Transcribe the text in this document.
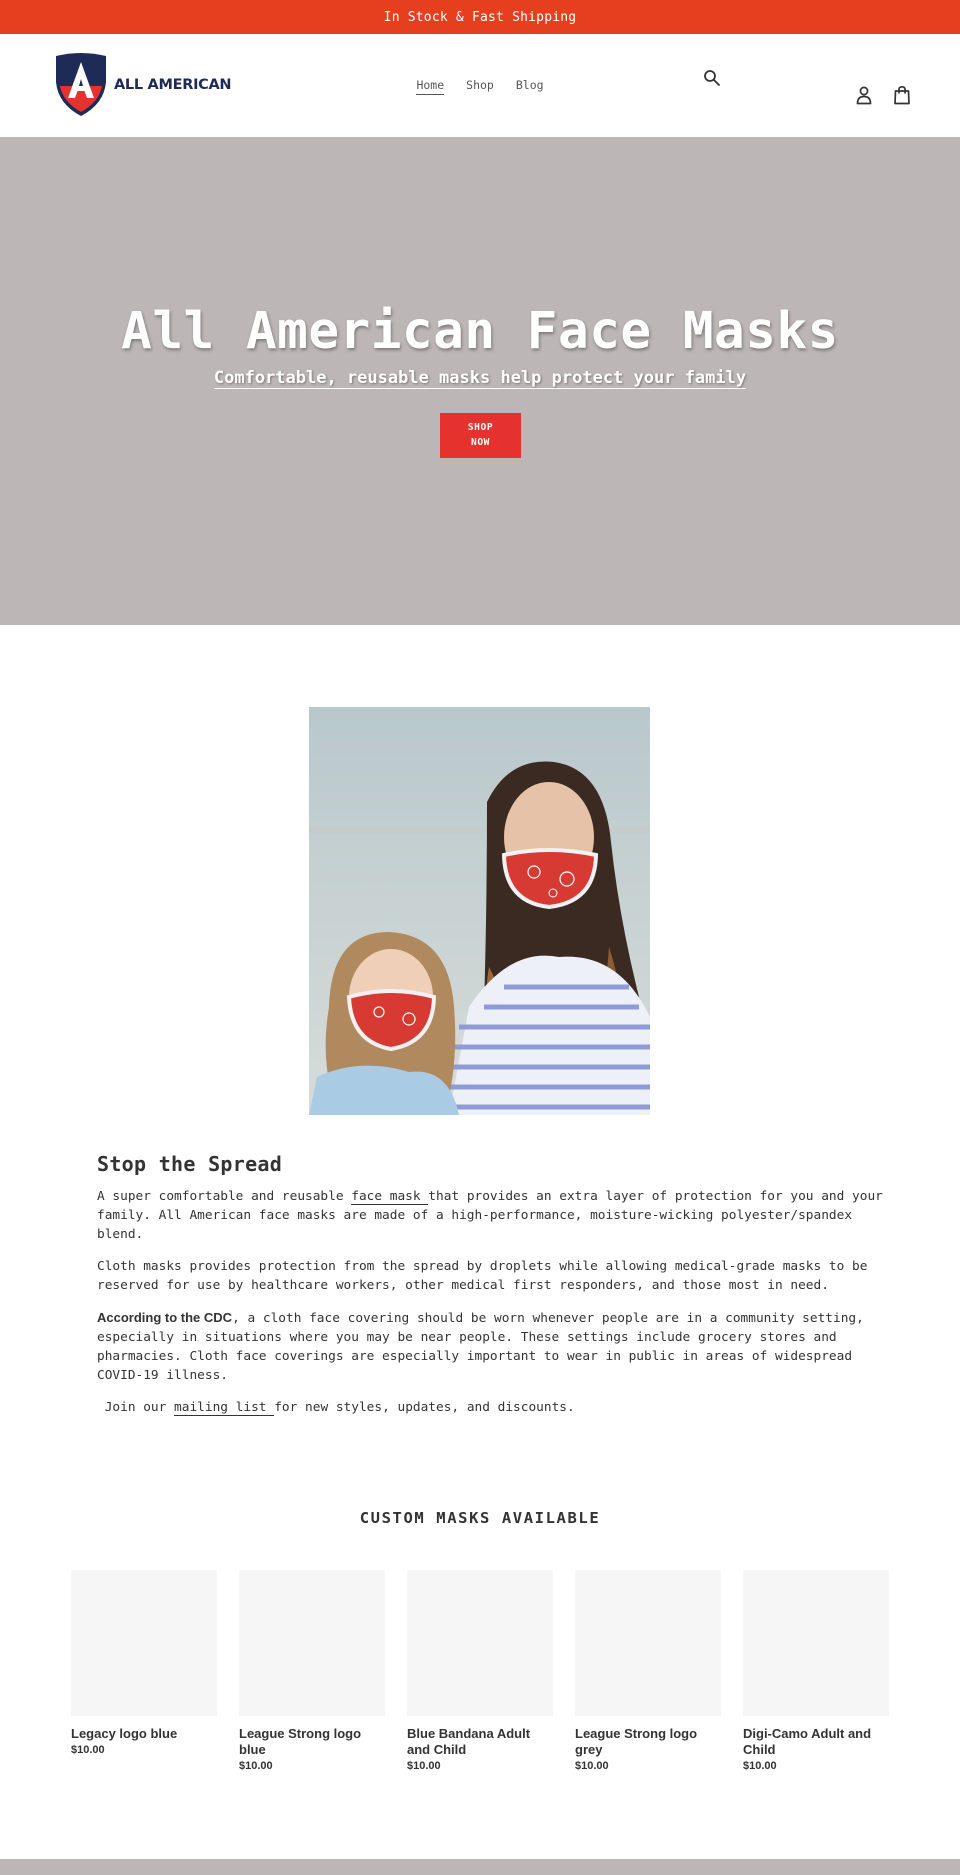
In Stock & Fast Shipping
ALL AMERICAN	Home Shop Blog
All American Face Masks
Comfortable, reusable masks help protect your family
SHOP
NOW
Stop the Spread

A super comfortable and reusable face mask that provides an extra layer of protection for you and your family. All American face masks are made of a high-performance, moisture-wicking polyester/spandex blend.

Cloth masks provides protection from the spread by droplets while allowing medical-grade masks to be reserved for use by healthcare workers, other medical first responders, and those most in need.

According to the CDC, a cloth face covering should be worn whenever people are in a community setting, especially in situations where you may be near people. These settings include grocery stores and pharmacies. Cloth face coverings are especially important to wear in public in areas of widespread COVID-19 illness.

Join our mailing list for new styles, updates, and discounts.

CUSTOM MASKS AVAILABLE
Legacy logo blue
$10.00
League Strong logo blue
$10.00
Blue Bandana Adult and Child
$10.00
League Strong logo grey
$10.00
Digi-Camo Adult and Child
$10.00
